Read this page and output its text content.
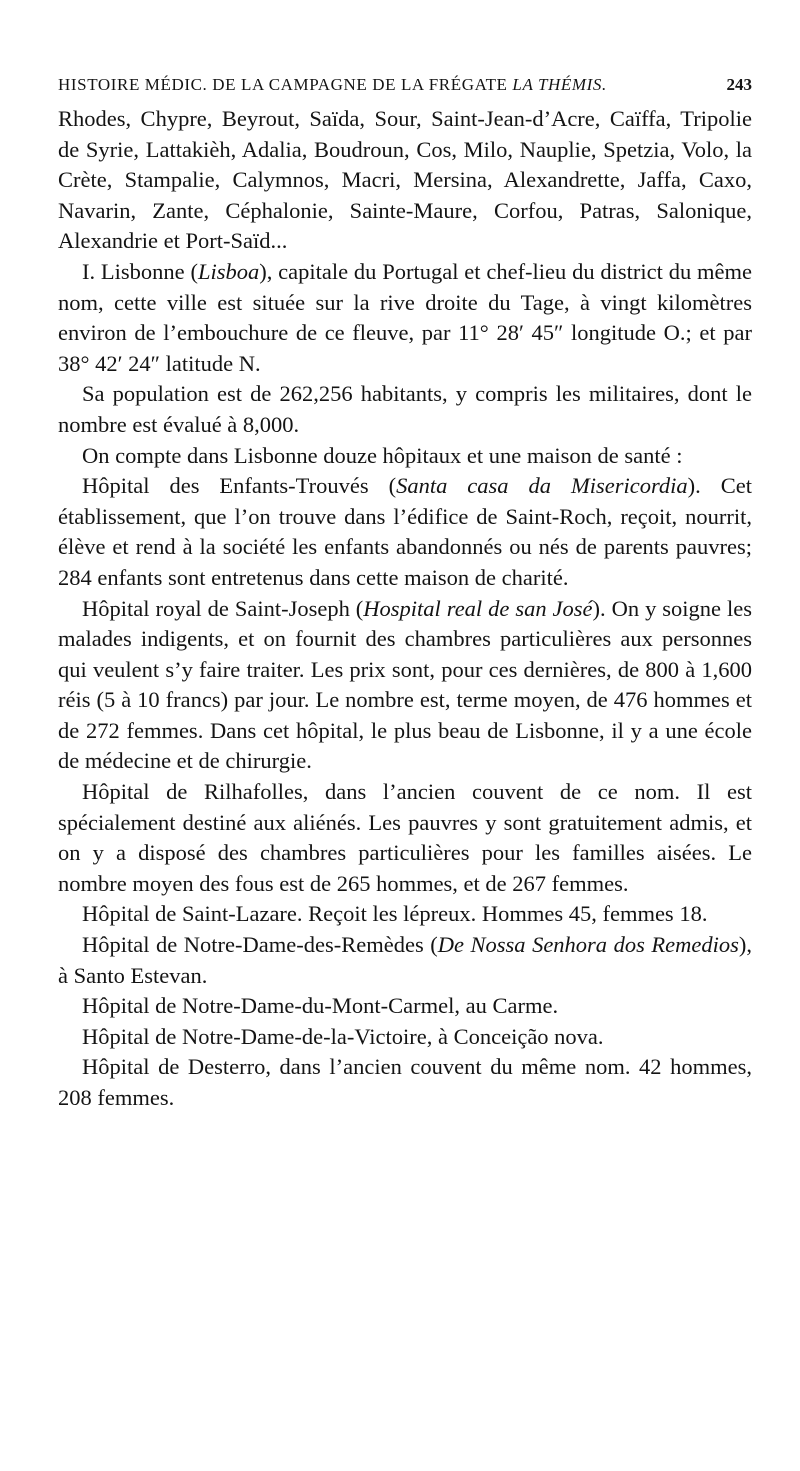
HISTOIRE MÉDIC. DE LA CAMPAGNE DE LA FRÉGATE LA THÉMIS.	243

Rhodes, Chypre, Beyrout, Saïda, Sour, Saint-Jean-d’Acre, Caïffa, Tripolie de Syrie, Lattakièh, Adalia, Boudroun, Cos, Milo, Nauplie, Spetzia, Volo, la Crète, Stampalie, Calymnos, Macri, Mersina, Alexandrette, Jaffa, Caxo, Navarin, Zante, Céphalonie, Sainte-Maure, Corfou, Patras, Salonique, Alexandrie et Port-Saïd...

I. Lisbonne (Lisboa), capitale du Portugal et chef-lieu du district du même nom, cette ville est située sur la rive droite du Tage, à vingt kilomètres environ de l’embouchure de ce fleuve, par 11° 28′ 45″ longitude O.; et par 38° 42′ 24″ latitude N.

Sa population est de 262,256 habitants, y compris les militaires, dont le nombre est évalué à 8,000.

On compte dans Lisbonne douze hôpitaux et une maison de santé :

Hôpital des Enfants-Trouvés (Santa casa da Misericordia). Cet établissement, que l’on trouve dans l’édifice de Saint-Roch, reçoit, nourrit, élève et rend à la société les enfants abandonnés ou nés de parents pauvres; 284 enfants sont entretenus dans cette maison de charité.

Hôpital royal de Saint-Joseph (Hospital real de san José). On y soigne les malades indigents, et on fournit des chambres particulières aux personnes qui veulent s’y faire traiter. Les prix sont, pour ces dernières, de 800 à 1,600 réis (5 à 10 francs) par jour. Le nombre est, terme moyen, de 476 hommes et de 272 femmes. Dans cet hôpital, le plus beau de Lisbonne, il y a une école de médecine et de chirurgie.

Hôpital de Rilhafolles, dans l’ancien couvent de ce nom. Il est spécialement destiné aux aliénés. Les pauvres y sont gratuitement admis, et on y a disposé des chambres particulières pour les familles aisées. Le nombre moyen des fous est de 265 hommes, et de 267 femmes.

Hôpital de Saint-Lazare. Reçoit les lépreux. Hommes 45, femmes 18.

Hôpital de Notre-Dame-des-Remèdes (De Nossa Senhora dos Remedios), à Santo Estevan.

Hôpital de Notre-Dame-du-Mont-Carmel, au Carme.

Hôpital de Notre-Dame-de-la-Victoire, à Conceição nova.

Hôpital de Desterro, dans l’ancien couvent du même nom. 42 hommes, 208 femmes.
